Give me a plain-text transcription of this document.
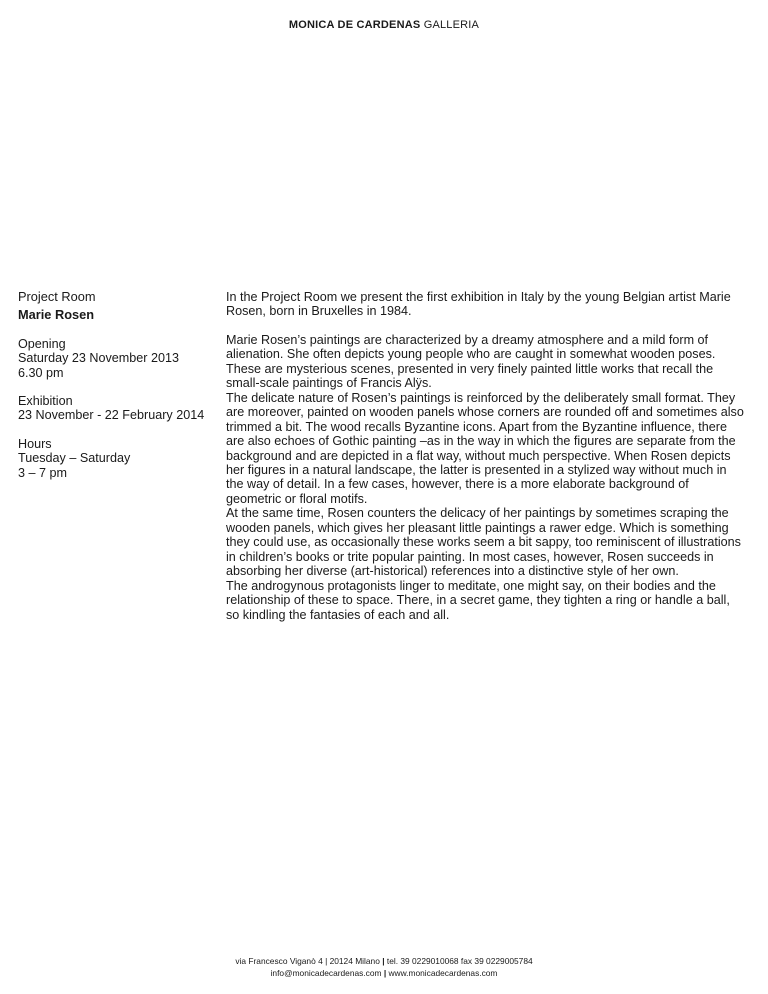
MONICA DE CARDENAS GALLERIA
Project Room
Marie Rosen
Opening
Saturday 23 November 2013
6.30 pm
Exhibition
23 November - 22 February 2014
Hours
Tuesday – Saturday
3 – 7 pm

In the Project Room we present the first exhibition in Italy by the young Belgian artist Marie Rosen, born in Bruxelles in 1984.

Marie Rosen’s paintings are characterized by a dreamy atmosphere and a mild form of alienation. She often depicts young people who are caught in somewhat wooden poses. These are mysterious scenes, presented in very finely painted little works that recall the small-scale paintings of Francis Alÿs.

The delicate nature of Rosen’s paintings is reinforced by the deliberately small format. They are moreover, painted on wooden panels whose corners are rounded off and sometimes also trimmed a bit. The wood recalls Byzantine icons. Apart from the Byzantine influence, there are also echoes of Gothic painting –as in the way in which the figures are separate from the background and are depicted in a flat way, without much perspective. When Rosen depicts her figures in a natural landscape, the latter is presented in a stylized way without much in the way of detail. In a few cases, however, there is a more elaborate background of geometric or floral motifs.

At the same time, Rosen counters the delicacy of her paintings by sometimes scraping the wooden panels, which gives her pleasant little paintings a rawer edge. Which is something they could use, as occasionally these works seem a bit sappy, too reminiscent of illustrations in children’s books or trite popular painting. In most cases, however, Rosen succeeds in absorbing her diverse (art-historical) references into a distinctive style of her own.

The androgynous protagonists linger to meditate, one might say, on their bodies and the relationship of these to space. There, in a secret game, they tighten a ring or handle a ball, so kindling the fantasies of each and all.

via Francesco Viganò 4 | 20124 Milano | tel. 39 0229010068 fax 39 0229005784
info@monicadecardenas.com | www.monicadecardenas.com
